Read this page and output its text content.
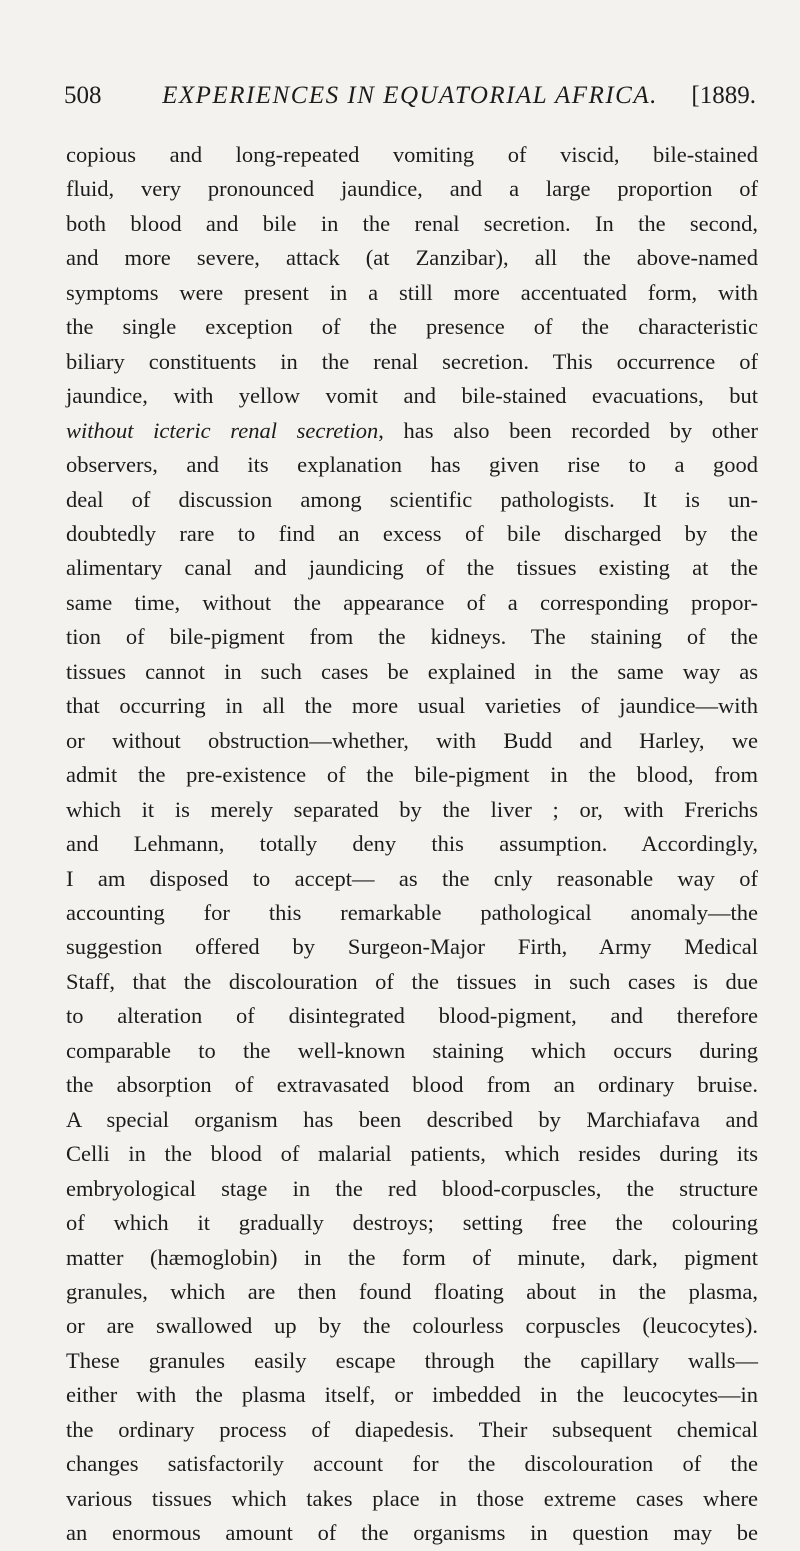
508	EXPERIENCES IN EQUATORIAL AFRICA.	[1889.

copious and long-repeated vomiting of viscid, bile-stained
fluid, very pronounced jaundice, and a large proportion of
both blood and bile in the renal secretion. In the second,
and more severe, attack (at Zanzibar), all the above-named
symptoms were present in a still more accentuated form, with
the single exception of the presence of the characteristic
biliary constituents in the renal secretion. This occurrence of
jaundice, with yellow vomit and bile-stained evacuations, but
without icteric renal secretion, has also been recorded by other
observers, and its explanation has given rise to a good
deal of discussion among scientific pathologists. It is un-
doubtedly rare to find an excess of bile discharged by the
alimentary canal and jaundicing of the tissues existing at the
same time, without the appearance of a corresponding propor-
tion of bile-pigment from the kidneys. The staining of the
tissues cannot in such cases be explained in the same way as
that occurring in all the more usual varieties of jaundice—with
or without obstruction—whether, with Budd and Harley, we
admit the pre-existence of the bile-pigment in the blood, from
which it is merely separated by the liver ; or, with Frerichs
and Lehmann, totally deny this assumption. Accordingly,
I am disposed to accept— as the cnly reasonable way of
accounting for this remarkable pathological anomaly—the
suggestion offered by Surgeon-Major Firth, Army Medical
Staff, that the discolouration of the tissues in such cases is due
to alteration of disintegrated blood-pigment, and therefore
comparable to the well-known staining which occurs during
the absorption of extravasated blood from an ordinary bruise.
A special organism has been described by Marchiafava and
Celli in the blood of malarial patients, which resides during its
embryological stage in the red blood-corpuscles, the structure
of which it gradually destroys; setting free the colouring
matter (hæmoglobin) in the form of minute, dark, pigment
granules, which are then found floating about in the plasma,
or are swallowed up by the colourless corpuscles (leucocytes).
These granules easily escape through the capillary walls—
either with the plasma itself, or imbedded in the leucocytes—in
the ordinary process of diapedesis. Their subsequent chemical
changes satisfactorily account for the discolouration of the
various tissues which takes place in those extreme cases where
an enormous amount of the organisms in question may be
